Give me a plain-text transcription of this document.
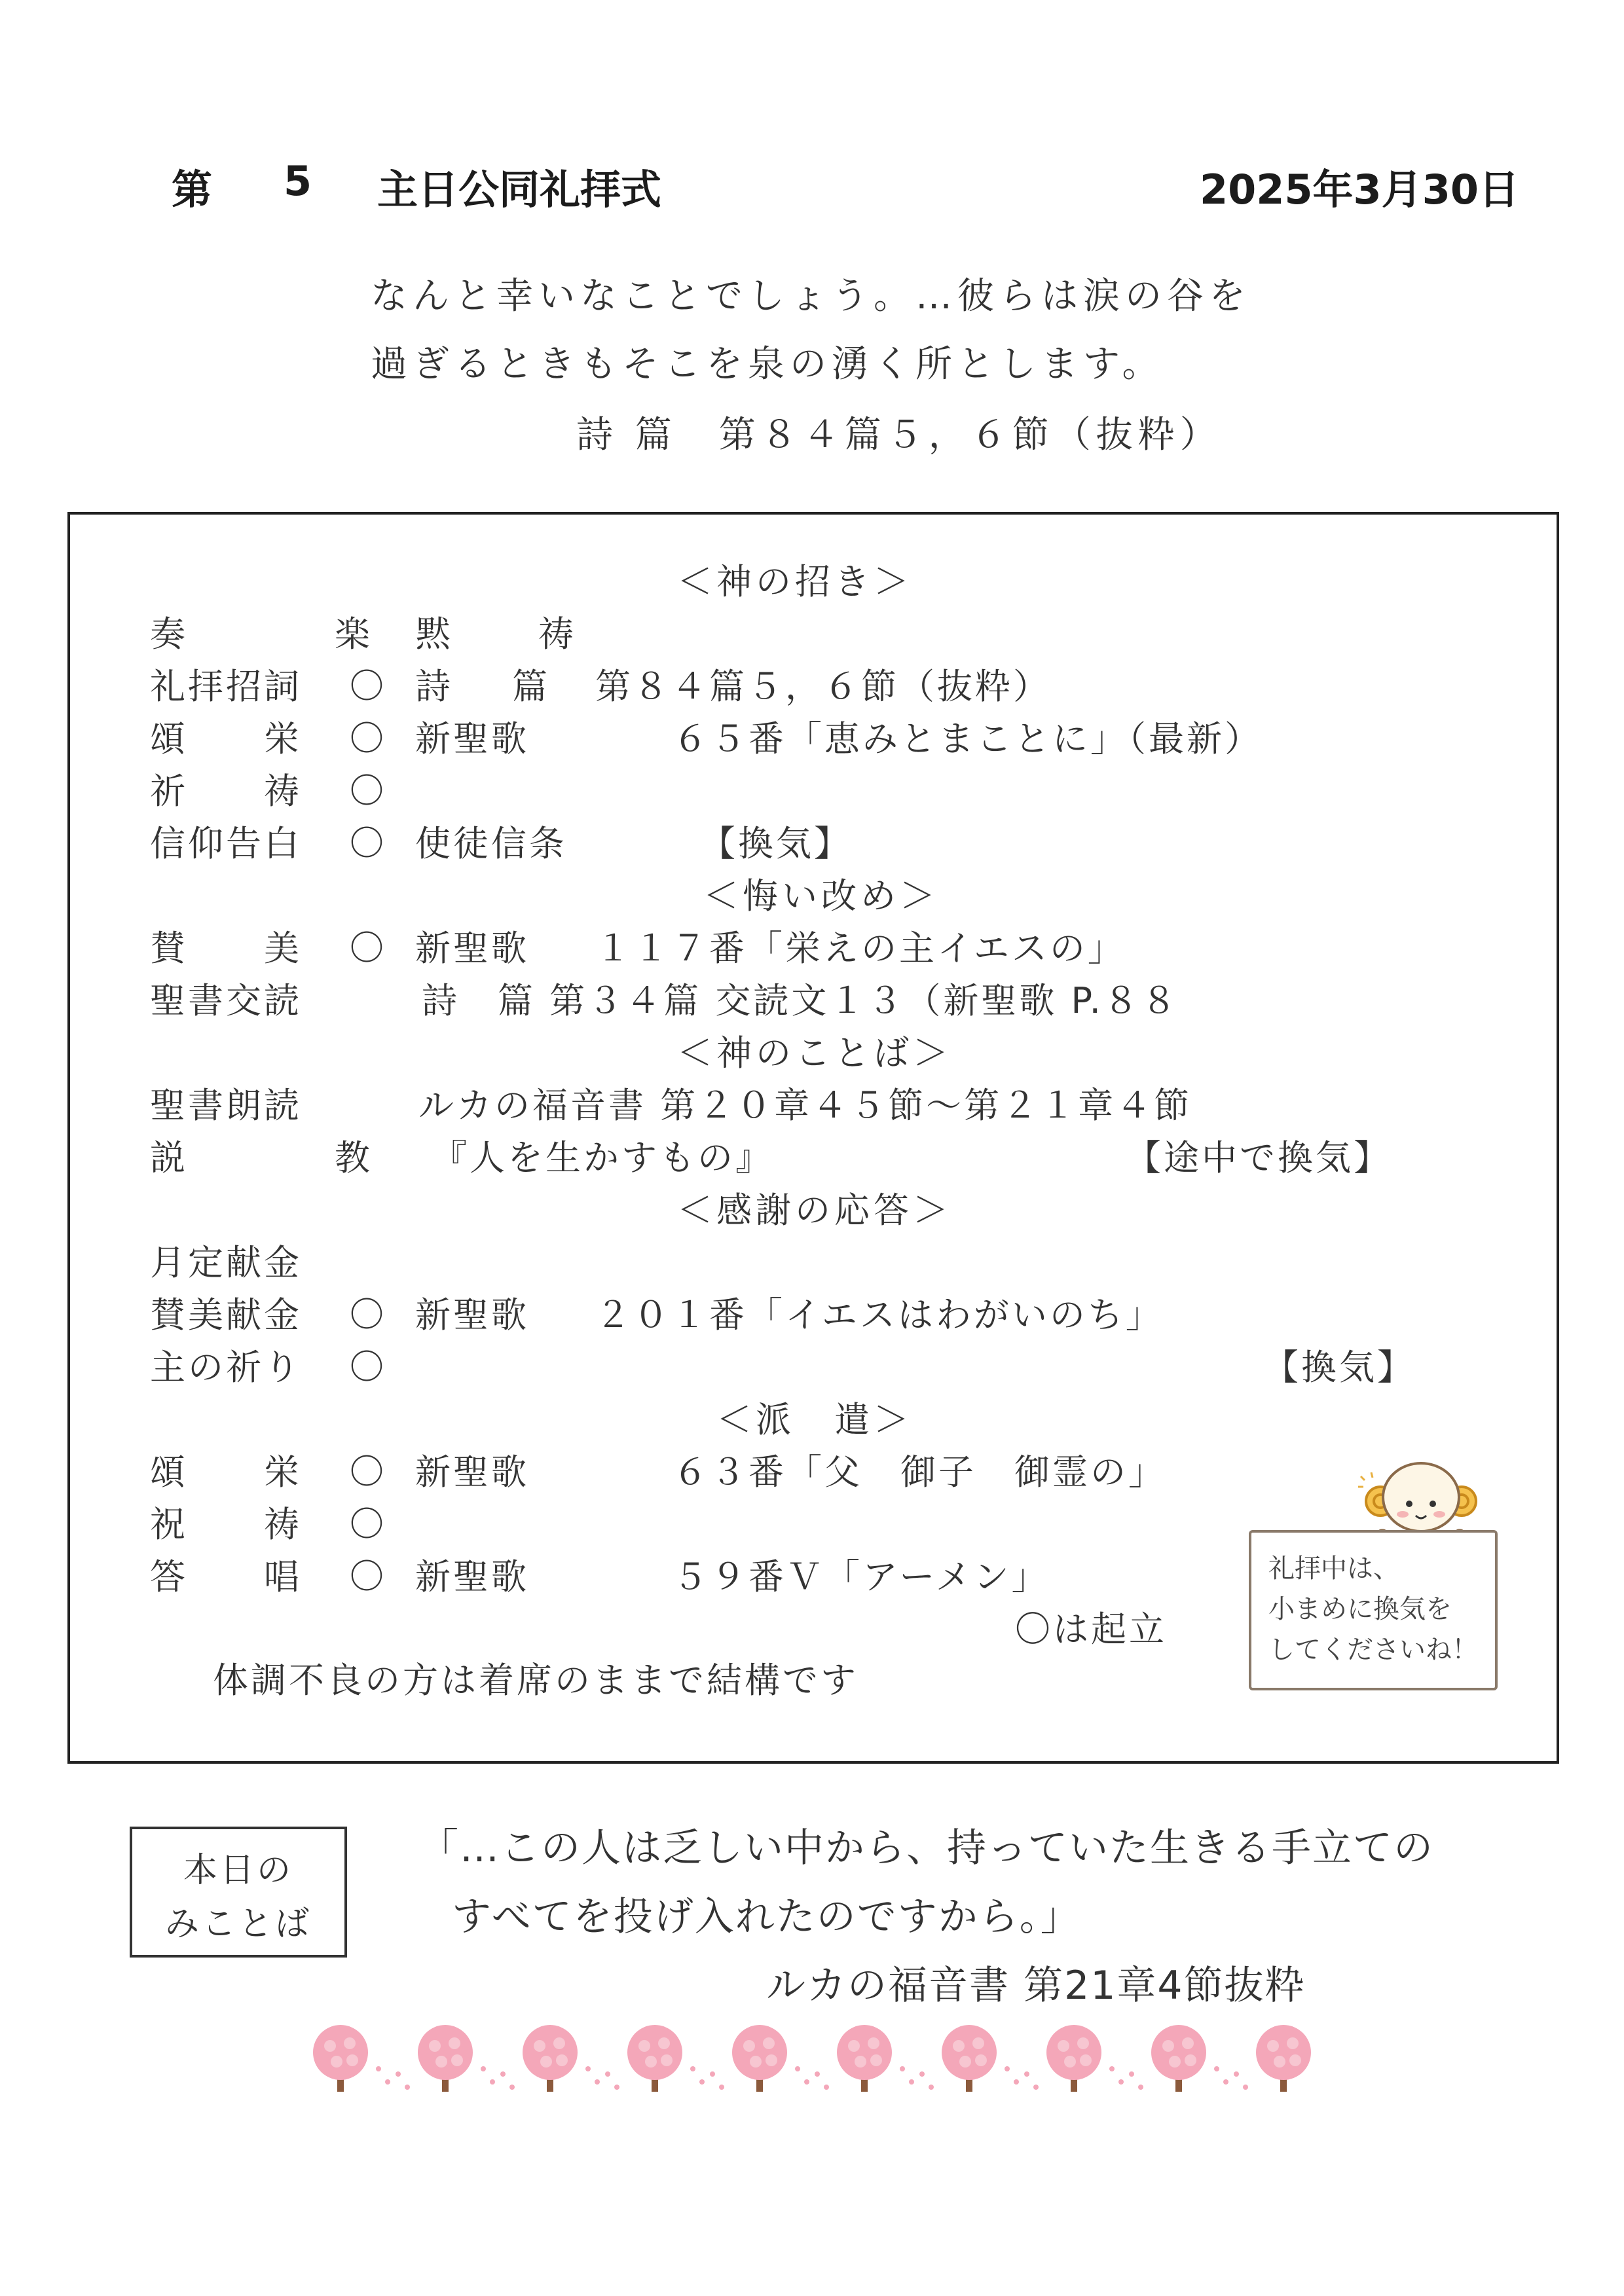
第 5 主日公同礼拝式	2025年3月30日
なんと幸いなことでしょう。…彼らは涙の谷を
過ぎるときもそこを泉の湧く所とします。
詩 篇　第８４篇５，６節（抜粋）
＜神の招き＞
奏　　楽 黙　祷
礼拝招詞 〇 詩　篇 第８４篇５，６節（抜粋）
頌　　栄 〇 新聖歌	　６５番「恵みとまことに」（最新）
祈　　祷 〇
信仰告白 〇 使徒信条	【換気】
＜悔い改め＞
賛　　美 〇 新聖歌 １１７番「栄えの主イエスの」
聖書交読	詩　篇 第３４篇 交読文１３（新聖歌 P.８８
＜神のことば＞
聖書朗読	ルカの福音書 第２０章４５節～第２１章４節
説　　教 『人を生かすもの』	【途中で換気】
＜感謝の応答＞
月定献金
賛美献金 〇 新聖歌 ２０１番「イエスはわがいのち」
主の祈り 〇	【換気】
＜派　遣＞
頌　　栄 〇 新聖歌	　６３番「父　御子　御霊の」
祝　　祷 〇
答　　唱 〇 新聖歌	　５９番Ｖ「アーメン」
〇は起立
体調不良の方は着席のままで結構です
礼拝中は、
小まめに換気を
してくださいね！
本日の
みことば
「…この人は乏しい中から、持っていた生きる手立ての
すべてを投げ入れたのですから。」
ルカの福音書 第21章4節抜粋
